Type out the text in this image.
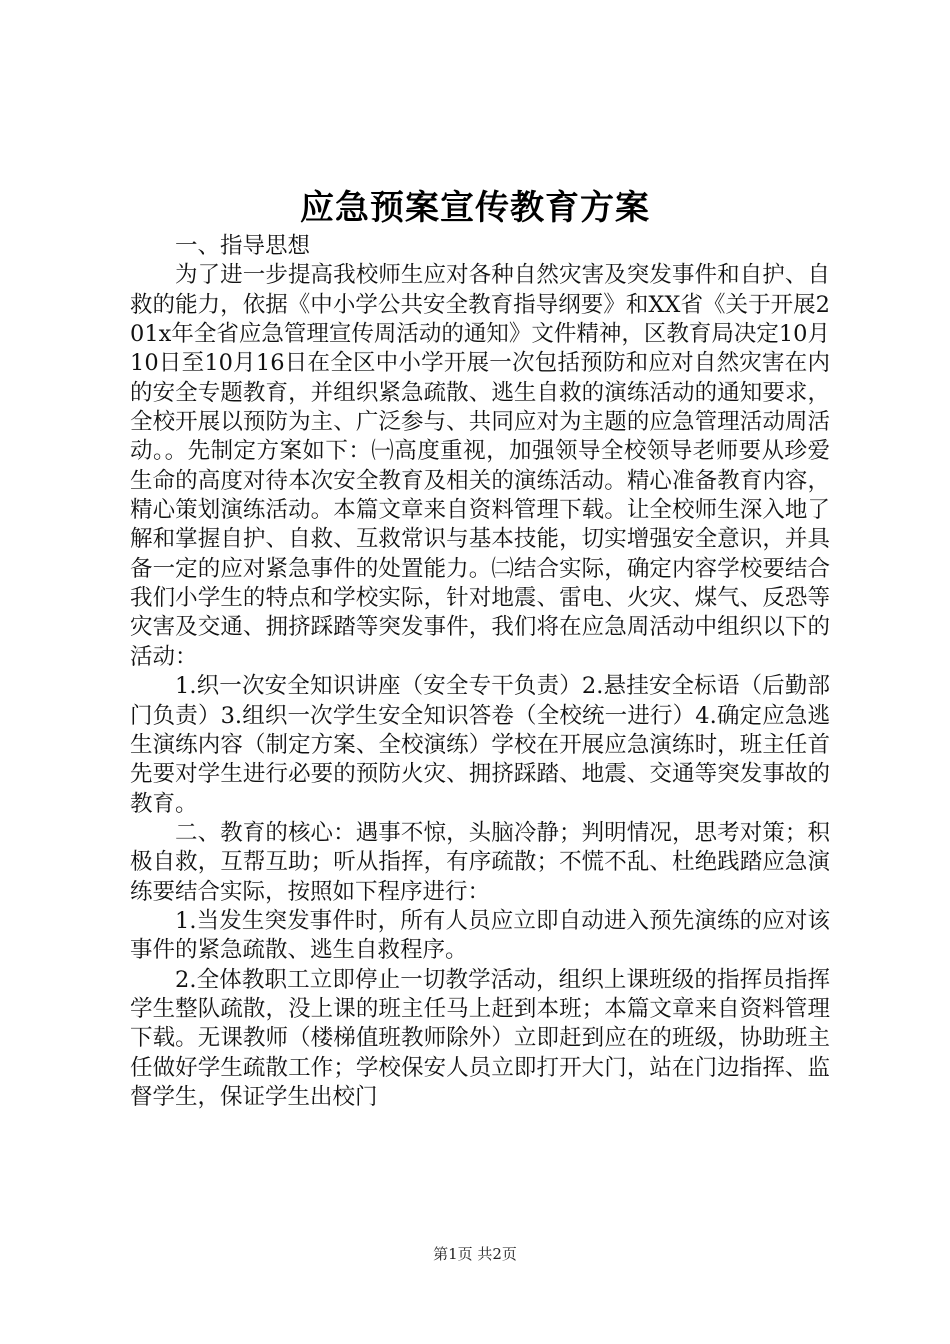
应急预案宣传教育方案

一、指导思想

为了进一步提高我校师生应对各种自然灾害及突发事件和自护、自救的能力，依据《中小学公共安全教育指导纲要》和XX省《关于开展201x年全省应急管理宣传周活动的通知》文件精神，区教育局决定10月10日至10月16日在全区中小学开展一次包括预防和应对自然灾害在内的安全专题教育，并组织紧急疏散、逃生自救的演练活动的通知要求，全校开展以预防为主、广泛参与、共同应对为主题的应急管理活动周活动。。先制定方案如下：㈠高度重视，加强领导全校领导老师要从珍爱生命的高度对待本次安全教育及相关的演练活动。精心准备教育内容，精心策划演练活动。本篇文章来自资料管理下载。让全校师生深入地了解和掌握自护、自救、互救常识与基本技能，切实增强安全意识，并具备一定的应对紧急事件的处置能力。㈡结合实际，确定内容学校要结合我们小学生的特点和学校实际，针对地震、雷电、火灾、煤气、反恐等灾害及交通、拥挤踩踏等突发事件，我们将在应急周活动中组织以下的活动：

1.织一次安全知识讲座（安全专干负责）2.悬挂安全标语（后勤部门负责）3.组织一次学生安全知识答卷（全校统一进行）4.确定应急逃生演练内容（制定方案、全校演练）学校在开展应急演练时，班主任首先要对学生进行必要的预防火灾、拥挤踩踏、地震、交通等突发事故的教育。

二、教育的核心：遇事不惊，头脑冷静；判明情况，思考对策；积极自救，互帮互助；听从指挥，有序疏散；不慌不乱、杜绝践踏应急演练要结合实际，按照如下程序进行：

1.当发生突发事件时，所有人员应立即自动进入预先演练的应对该事件的紧急疏散、逃生自救程序。

2.全体教职工立即停止一切教学活动，组织上课班级的指挥员指挥学生整队疏散，没上课的班主任马上赶到本班；本篇文章来自资料管理下载。无课教师（楼梯值班教师除外）立即赶到应在的班级，协助班主任做好学生疏散工作；学校保安人员立即打开大门，站在门边指挥、监督学生，保证学生出校门

第1页 共2页
